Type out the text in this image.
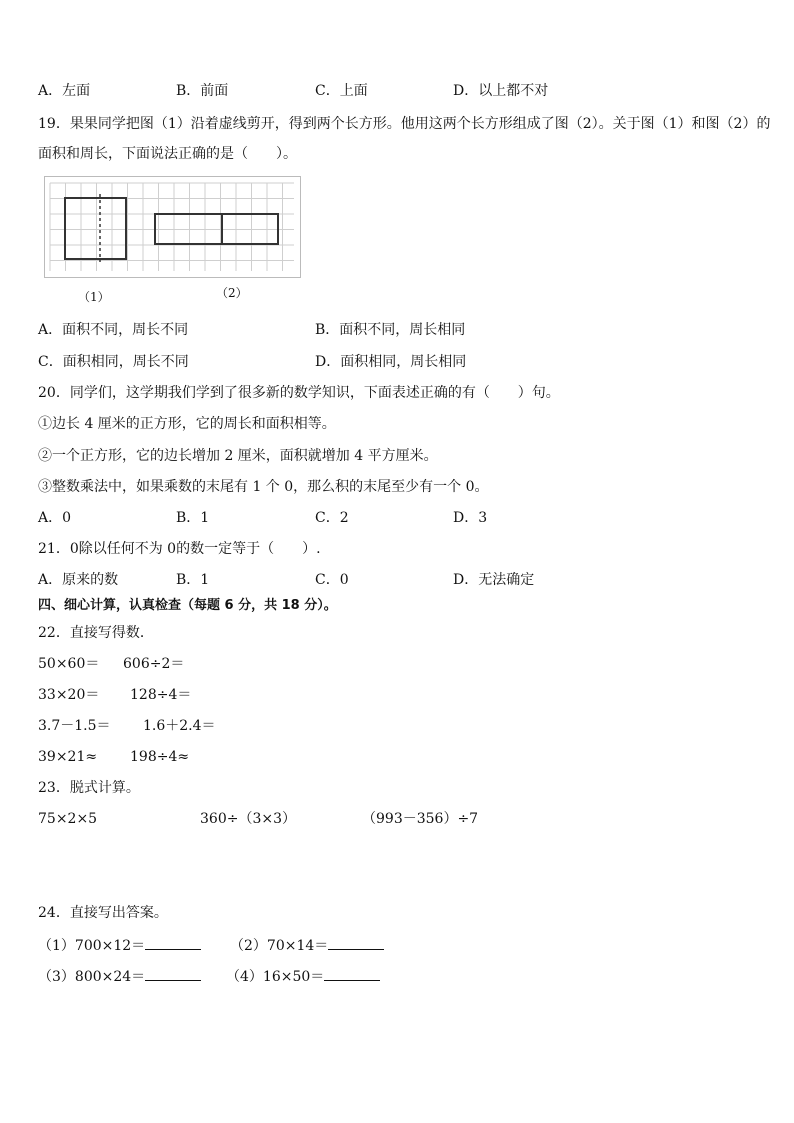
A．左面	B．前面	C．上面	D．以上都不对
19．果果同学把图（1）沿着虚线剪开，得到两个长方形。他用这两个长方形组成了图（2）。关于图（1）和图（2）的
面积和周长，下面说法正确的是（　　）。
（1）	（2）
A．面积不同，周长不同	B．面积不同，周长相同
C．面积相同，周长不同	D．面积相同，周长相同
20．同学们，这学期我们学到了很多新的数学知识，下面表述正确的有（　　）句。
①边长 4 厘米的正方形，它的周长和面积相等。
②一个正方形，它的边长增加 2 厘米，面积就增加 4 平方厘米。
③整数乘法中，如果乘数的末尾有 1 个 0，那么积的末尾至少有一个 0。
A．0	B．1	C．2	D．3
21．0除以任何不为 0的数一定等于（　　）.
A．原来的数	B．1	C．0	D．无法确定
四、细心计算，认真检查（每题 6 分，共 18 分）。
22．直接写得数．
50×60＝ 606÷2＝
33×20＝ 128÷4＝
3.7－1.5＝ 1.6＋2.4＝
39×21≈ 198÷4≈
23．脱式计算。
75×2×5	360÷（3×3）	（993－356）÷7
24．直接写出答案。
（1）700×12＝	（2）70×14＝
（3）800×24＝	（4）16×50＝
